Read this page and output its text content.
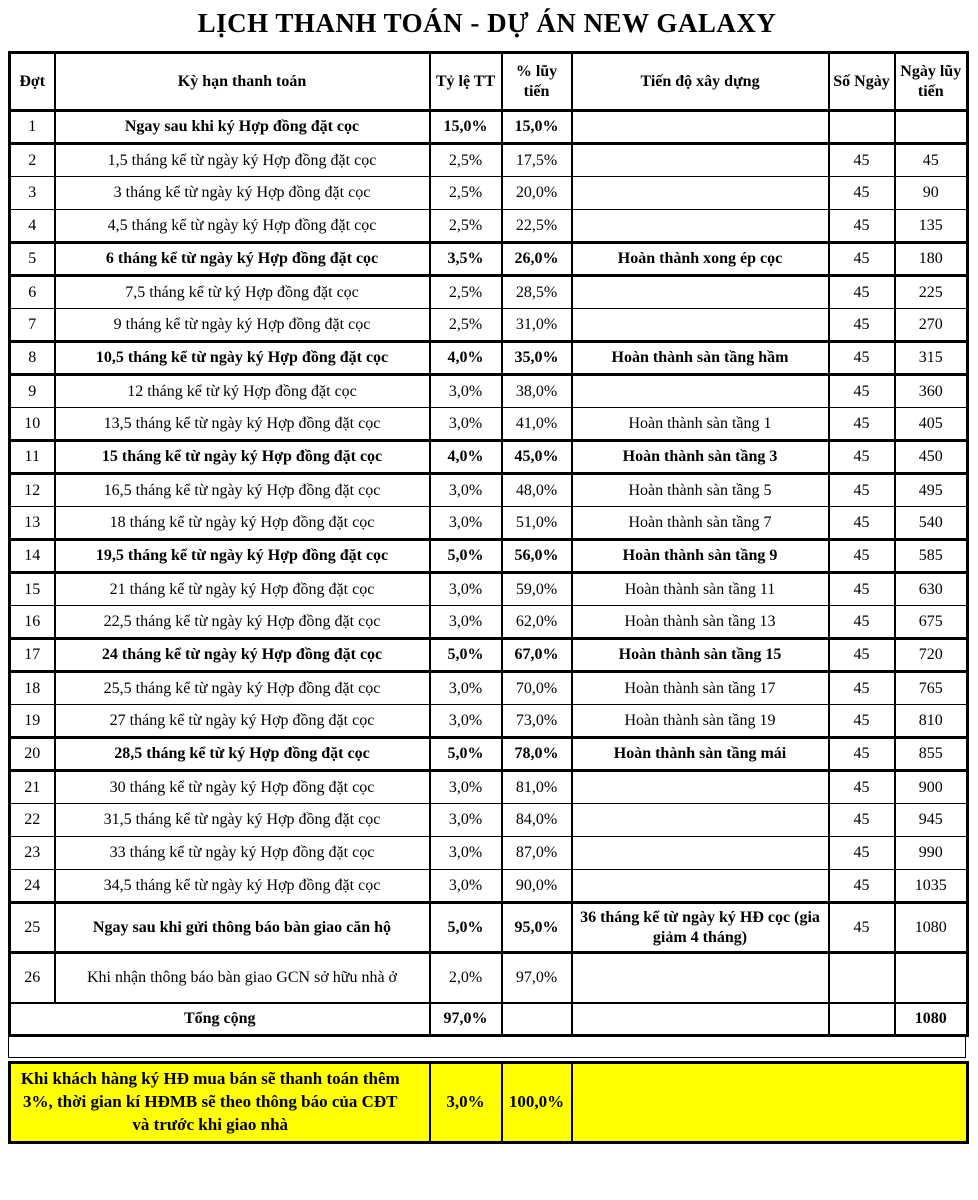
LỊCH THANH TOÁN - DỰ ÁN NEW GALAXY
Đợt	Kỳ hạn thanh toán	Tỷ lệ TT	% lũy tiến	Tiến độ xây dựng	Số Ngày	Ngày lũy tiến
1	Ngay sau khi ký Hợp đồng đặt cọc	15,0%	15,0%			
2	1,5 tháng kể từ ngày ký Hợp đồng đặt cọc	2,5%	17,5%		45	45
3	3 tháng kể từ ngày ký Hợp đồng đặt cọc	2,5%	20,0%		45	90
4	4,5 tháng kể từ ngày ký Hợp đồng đặt cọc	2,5%	22,5%		45	135
5	6 tháng kể từ ngày ký Hợp đồng đặt cọc	3,5%	26,0%	Hoàn thành xong ép cọc	45	180
6	7,5 tháng kể từ ký Hợp đồng đặt cọc	2,5%	28,5%		45	225
7	9 tháng kể từ ngày ký Hợp đồng đặt cọc	2,5%	31,0%		45	270
8	10,5 tháng kể từ ngày ký Hợp đồng đặt cọc	4,0%	35,0%	Hoàn thành sàn tầng hầm	45	315
9	12 tháng kể từ ký Hợp đồng đặt cọc	3,0%	38,0%		45	360
10	13,5 tháng kể từ ngày ký Hợp đồng đặt cọc	3,0%	41,0%	Hoàn thành sàn tầng 1	45	405
11	15 tháng kể từ ngày ký Hợp đồng đặt cọc	4,0%	45,0%	Hoàn thành sàn tầng 3	45	450
12	16,5 tháng kể từ ngày ký Hợp đồng đặt cọc	3,0%	48,0%	Hoàn thành sàn tầng 5	45	495
13	18 tháng kể từ ngày ký Hợp đồng đặt cọc	3,0%	51,0%	Hoàn thành sàn tầng 7	45	540
14	19,5 tháng kể từ ngày ký Hợp đồng đặt cọc	5,0%	56,0%	Hoàn thành sàn tầng 9	45	585
15	21 tháng kể từ ngày ký Hợp đồng đặt cọc	3,0%	59,0%	Hoàn thành sàn tầng 11	45	630
16	22,5 tháng kể từ ngày ký Hợp đồng đặt cọc	3,0%	62,0%	Hoàn thành sàn tầng 13	45	675
17	24 tháng kể từ ngày ký Hợp đồng đặt cọc	5,0%	67,0%	Hoàn thành sàn tầng 15	45	720
18	25,5 tháng kể từ ngày ký Hợp đồng đặt cọc	3,0%	70,0%	Hoàn thành sàn tầng 17	45	765
19	27 tháng kể từ ngày ký Hợp đồng đặt cọc	3,0%	73,0%	Hoàn thành sàn tầng 19	45	810
20	28,5 tháng kể từ ký Hợp đồng đặt cọc	5,0%	78,0%	Hoàn thành sàn tầng mái	45	855
21	30 tháng kể từ ngày ký Hợp đồng đặt cọc	3,0%	81,0%		45	900
22	31,5 tháng kể từ ngày ký Hợp đồng đặt cọc	3,0%	84,0%		45	945
23	33 tháng kể từ ngày ký Hợp đồng đặt cọc	3,0%	87,0%		45	990
24	34,5 tháng kể từ ngày ký Hợp đồng đặt cọc	3,0%	90,0%		45	1035
25	Ngay sau khi gửi thông báo bàn giao căn hộ	5,0%	95,0%	36 tháng kể từ ngày ký HĐ cọc (gia giảm 4 tháng)	45	1080
26	Khi nhận thông báo bàn giao GCN sở hữu nhà ở	2,0%	97,0%			
Tổng cộng		97,0%				1080
Khi khách hàng ký HĐ mua bán sẽ thanh toán thêm 3%, thời gian kí HĐMB sẽ theo thông báo của CĐT và trước khi giao nhà	3,0%	100,0%	
